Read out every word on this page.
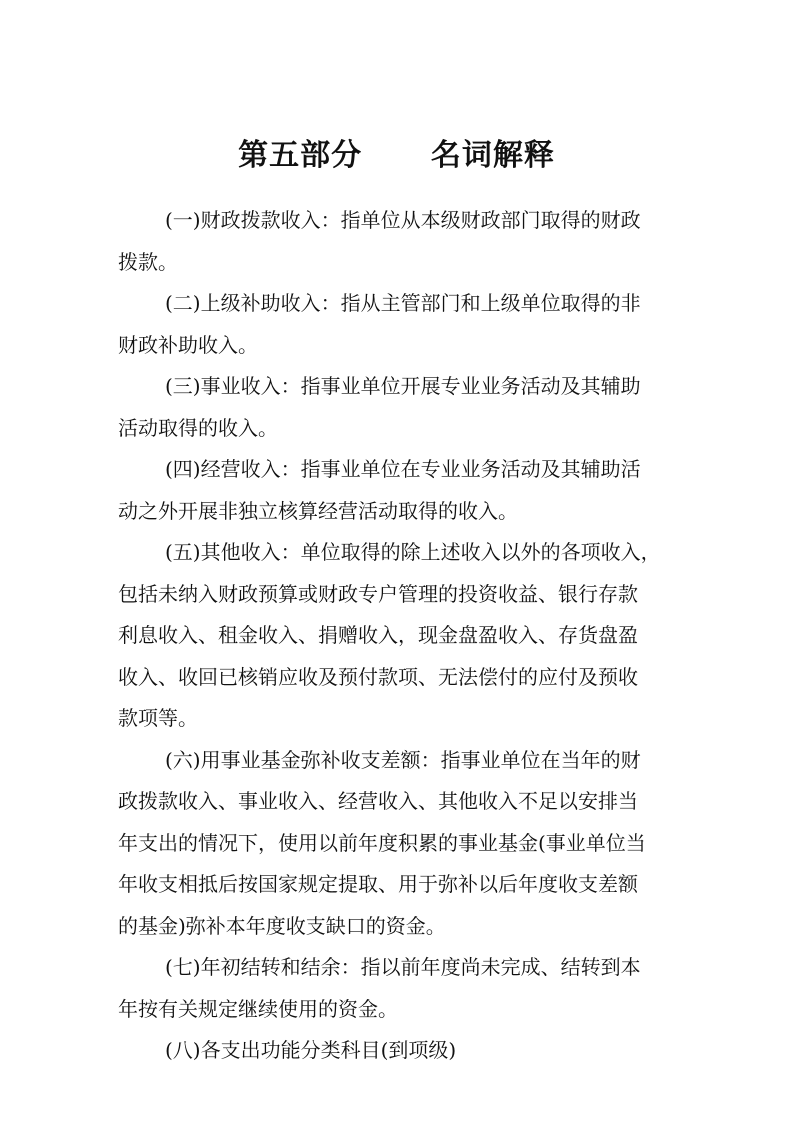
第五部分      名词解释

(一)财政拨款收入：指单位从本级财政部门取得的财政
拨款。

(二)上级补助收入：指从主管部门和上级单位取得的非
财政补助收入。

(三)事业收入：指事业单位开展专业业务活动及其辅助
活动取得的收入。

(四)经营收入：指事业单位在专业业务活动及其辅助活
动之外开展非独立核算经营活动取得的收入。

(五)其他收入：单位取得的除上述收入以外的各项收入，
包括未纳入财政预算或财政专户管理的投资收益、银行存款
利息收入、租金收入、捐赠收入，现金盘盈收入、存货盘盈
收入、收回已核销应收及预付款项、无法偿付的应付及预收
款项等。

(六)用事业基金弥补收支差额：指事业单位在当年的财
政拨款收入、事业收入、经营收入、其他收入不足以安排当
年支出的情况下，使用以前年度积累的事业基金(事业单位当
年收支相抵后按国家规定提取、用于弥补以后年度收支差额
的基金)弥补本年度收支缺口的资金。

(七)年初结转和结余：指以前年度尚未完成、结转到本
年按有关规定继续使用的资金。

(八)各支出功能分类科目(到项级)
